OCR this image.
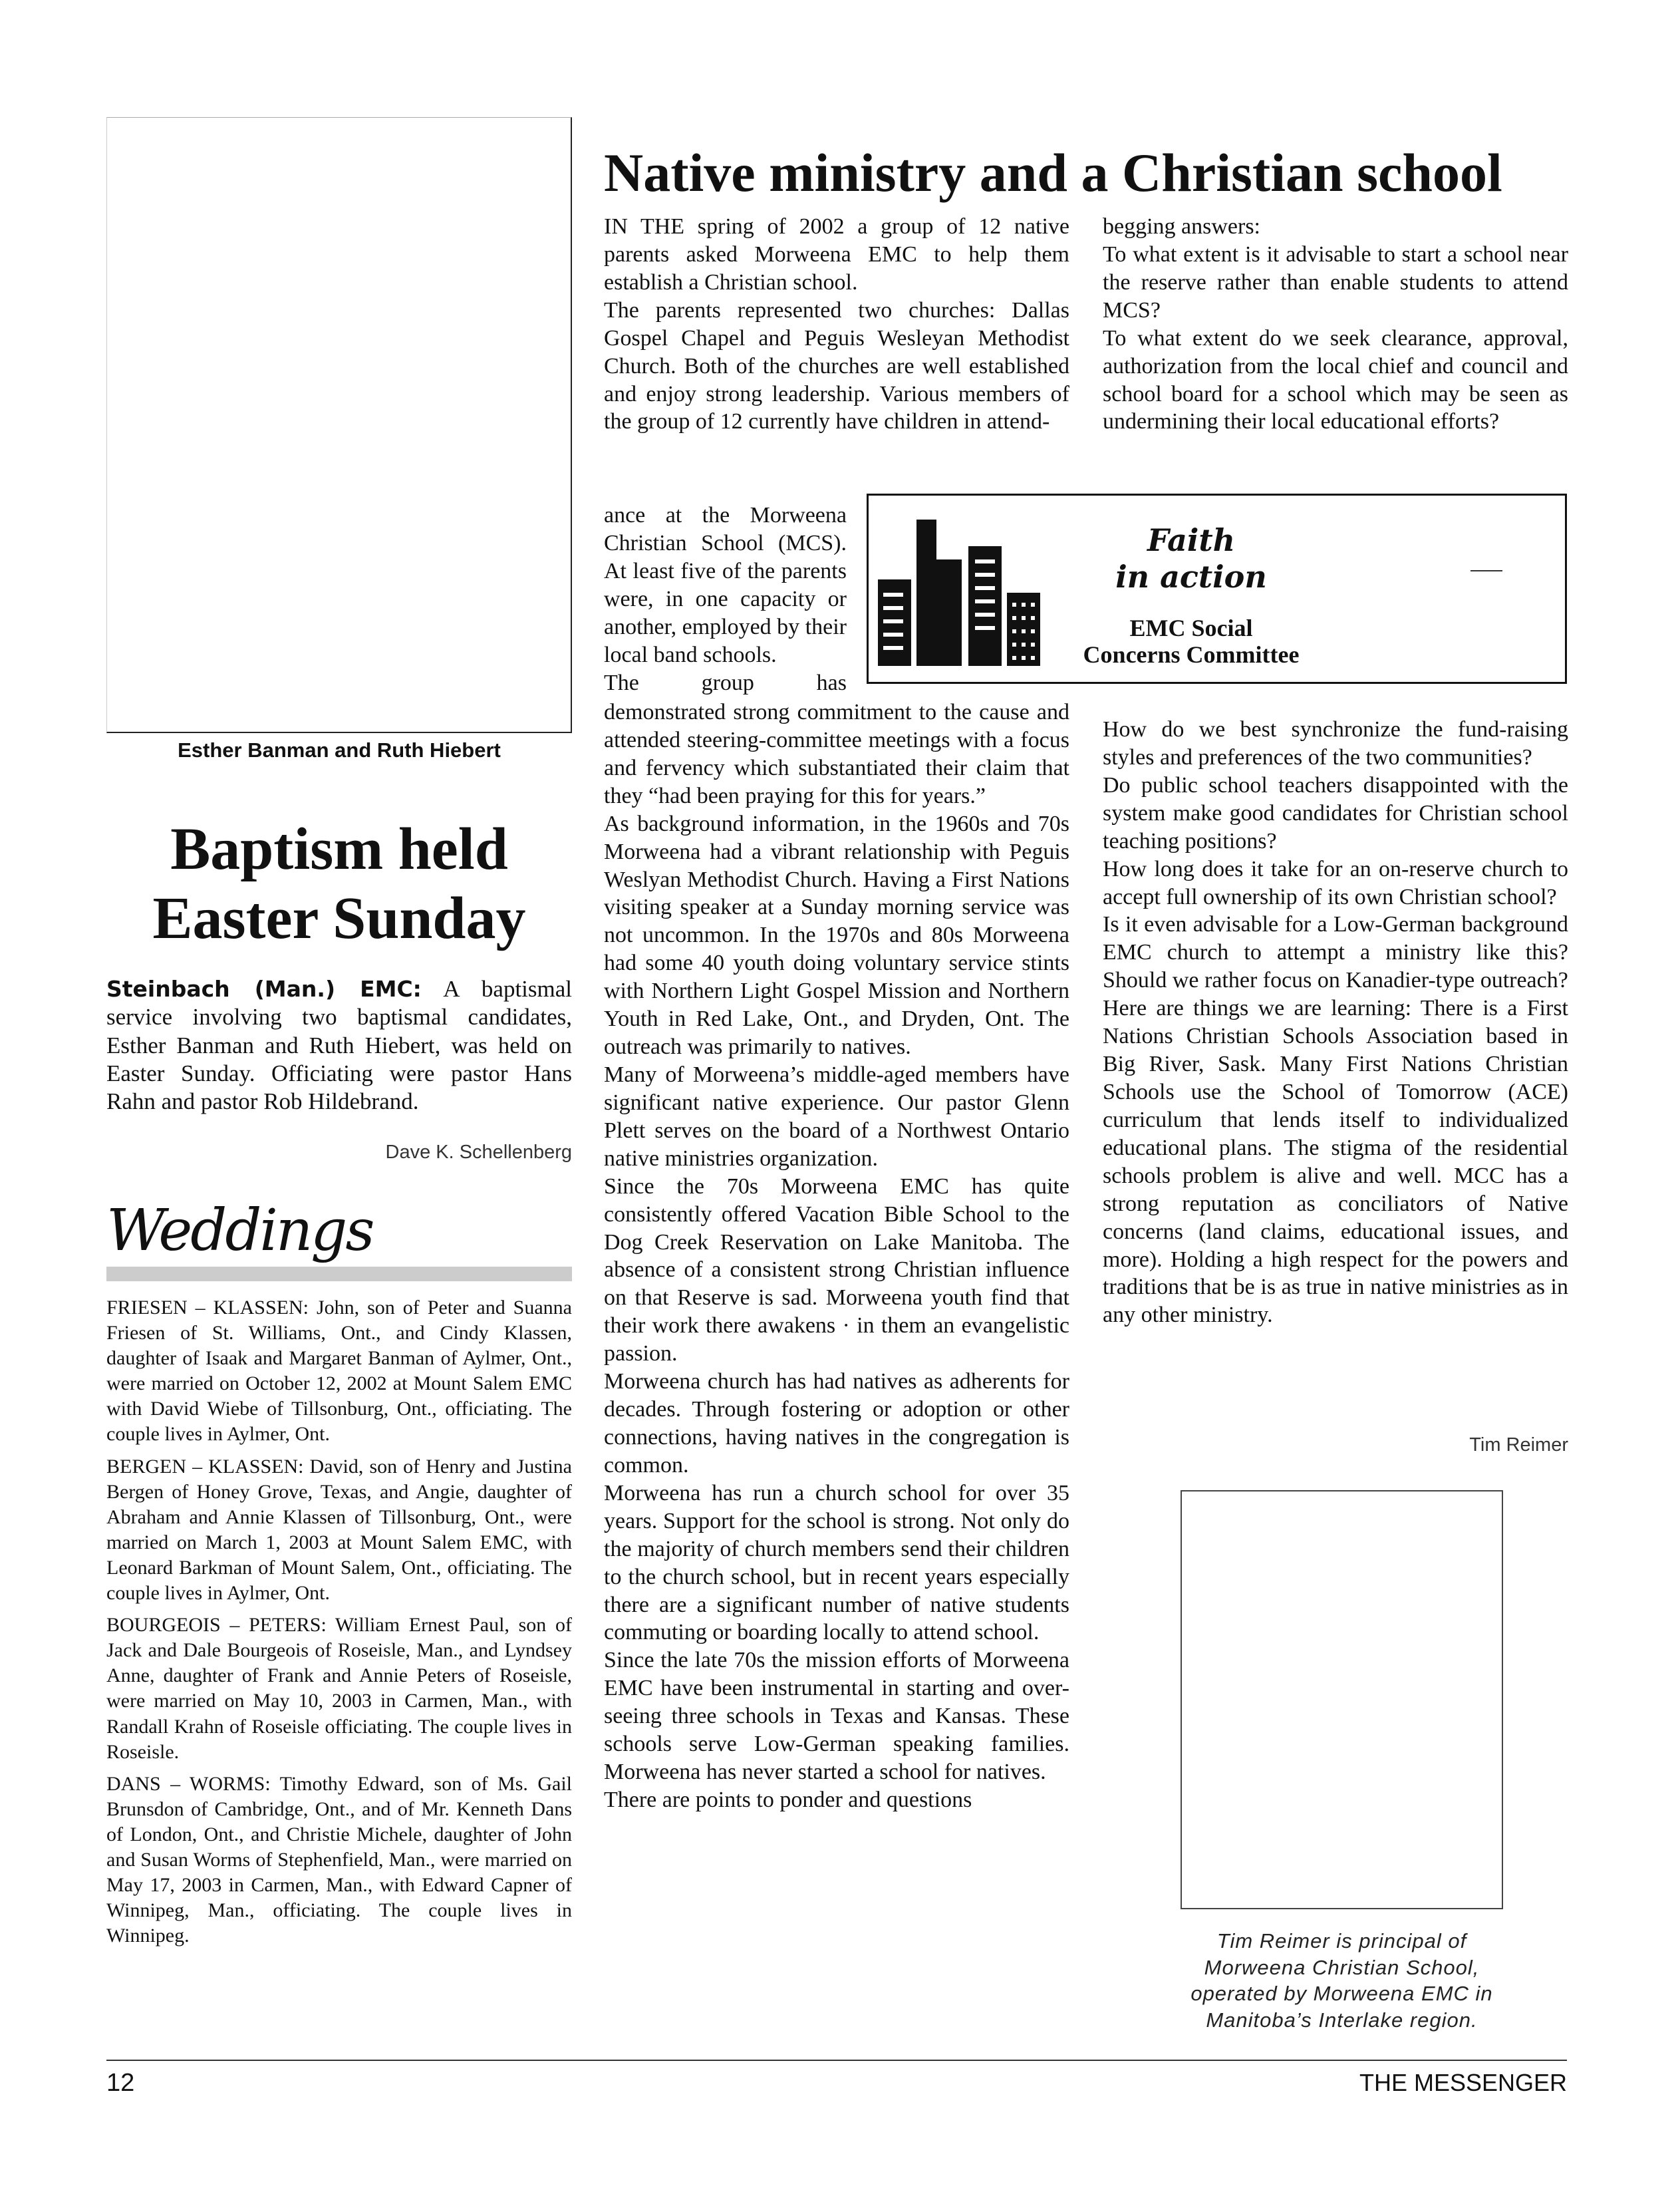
Esther Banman and Ruth Hiebert
Baptism held
Easter Sunday
Steinbach (Man.) EMC: A baptismal service involving two baptismal candidates, Esther Banman and Ruth Hiebert, was held on Easter Sunday. Officiating were pastor Hans Rahn and pastor Rob Hildebrand.
Dave K. Schellenberg
Weddings

FRIESEN – KLASSEN: John, son of Peter and Suanna Friesen of St. Williams, Ont., and Cindy Klassen, daughter of Isaak and Margaret Banman of Aylmer, Ont., were married on October 12, 2002 at Mount Salem EMC with David Wiebe of Tillsonburg, Ont., officiating. The couple lives in Aylmer, Ont.

BERGEN – KLASSEN: David, son of Henry and Justina Bergen of Honey Grove, Texas, and Angie, daughter of Abraham and Annie Klassen of Tillsonburg, Ont., were married on March 1, 2003 at Mount Salem EMC, with Leonard Barkman of Mount Salem, Ont., officiating. The couple lives in Aylmer, Ont.

BOURGEOIS – PETERS: William Ernest Paul, son of Jack and Dale Bourgeois of Roseisle, Man., and Lyndsey Anne, daughter of Frank and Annie Peters of Roseisle, were married on May 10, 2003 in Carmen, Man., with Randall Krahn of Roseisle officiating. The couple lives in Roseisle.

DANS – WORMS: Timothy Edward, son of Ms. Gail Brunsdon of Cambridge, Ont., and of Mr. Kenneth Dans of London, Ont., and Christie Michele, daughter of John and Susan Worms of Stephenfield, Man., were married on May 17, 2003 in Carmen, Man., with Edward Capner of Winnipeg, Man., officiating. The couple lives in Winnipeg.

Native ministry and a Christian school

IN THE spring of 2002 a group of 12 native parents asked Morweena EMC to help them establish a Christian school.

The parents represented two churches: Dallas Gospel Chapel and Peguis Wesleyan Methodist Church. Both of the churches are well established and enjoy strong leadership. Various members of the group of 12 currently have children in attend-

ance at the Morweena Christian School (MCS). At least five of the parents were, in one capacity or another, employed by their local band schools.

The group has

demonstrated strong commitment to the cause and attended steering-committee meetings with a focus and fervency which substantiated their claim that they “had been praying for this for years.”

As background information, in the 1960s and 70s Morweena had a vibrant relationship with Peguis Weslyan Methodist Church. Having a First Nations visiting speaker at a Sunday morning service was not uncommon. In the 1970s and 80s Morweena had some 40 youth doing voluntary service stints with Northern Light Gospel Mission and Northern Youth in Red Lake, Ont., and Dryden, Ont. The outreach was primarily to natives.

Many of Morweena’s middle-aged members have significant native experience. Our pastor Glenn Plett serves on the board of a Northwest Ontario native ministries organization.

Since the 70s Morweena EMC has quite consistently offered Vacation Bible School to the Dog Creek Reservation on Lake Manitoba. The absence of a consistent strong Christian influence on that Reserve is sad. Morweena youth find that their work there awakens · in them an evangelistic passion.

Morweena church has had natives as adherents for decades. Through fostering or adoption or other connections, having natives in the congregation is common.

Morweena has run a church school for over 35 years. Support for the school is strong. Not only do the majority of church members send their children to the church school, but in recent years especially there are a significant number of native students commuting or boarding locally to attend school.

Since the late 70s the mission efforts of Morweena EMC have been instrumental in starting and over-seeing three schools in Texas and Kansas. These schools serve Low-German speaking families. Morweena has never started a school for natives.

There are points to ponder and questions

begging answers:

To what extent is it advisable to start a school near the reserve rather than enable students to attend MCS?

To what extent do we seek clearance, approval, authorization from the local chief and council and school board for a school which may be seen as undermining their local educational efforts?

How do we best synchronize the fund-raising styles and preferences of the two communities?

Do public school teachers disappointed with the system make good candidates for Christian school teaching positions?

How long does it take for an on-reserve church to accept full ownership of its own Christian school?

Is it even advisable for a Low-German background EMC church to attempt a ministry like this? Should we rather focus on Kanadier-type outreach?

Here are things we are learning: There is a First Nations Christian Schools Association based in Big River, Sask. Many First Nations Christian Schools use the School of Tomorrow (ACE) curriculum that lends itself to individualized educational plans. The stigma of the residential schools problem is alive and well. MCC has a strong reputation as conciliators of Native concerns (land claims, educational issues, and more). Holding a high respect for the powers and traditions that be is as true in native ministries as in any other ministry.

Tim Reimer
Faith
in action
EMC Social
Concerns Committee
Tim Reimer is principal of Morweena Christian School, operated by Morweena EMC in Manitoba’s Interlake region.
12	THE MESSENGER
